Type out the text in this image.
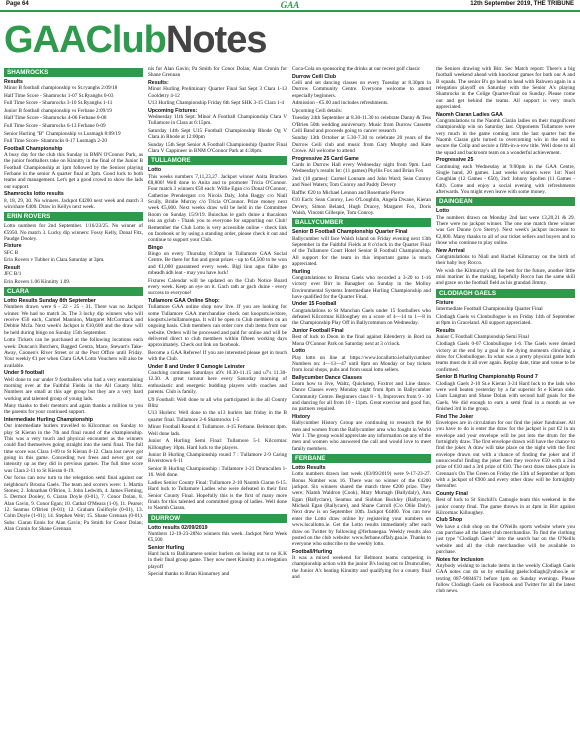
Page 64	GAA	12th September 2019, THE TRIBUNE
GAAClubNotes
SHAMROCKS
Results

Minor B football championship vs St.ryanghs 2:09/18

Half Time Score - Shamrocks 1-07 St.Ryanghs 0-03

Full Time Score - Shamrocks 3-10 St.Ryanghs 1-11

Junior B football championship vs Ferbane 2:09/19

Half Time Score - Shamrocks 4-06 Ferbane 0-08

Full Time Score - Shamrocks 6-13 Ferbane 0-09

Senior Hurling "B" Championship vs Lusmagh 8:09/19

Full Time Score- Shamrocks 0-17 Lusmagh 2-20

Football Championship

A busy day for the club this Sunday in BMN O'Connor Park, as the junior footballers take on Kinnitty in the final of the Junior B Football Championship at 1pm followed by the Seniors playing Ferbane in the senior A quarter final at 3pm. Good luck to both teams and management. Let's get a good crowd to show the lads our support.

Shamrocks lotto results

8, 18, 29, 30. No winners. Jackpot €4200 next week and match 3 win/share €400. Draw in Kellys next week.

ERIN ROVERS

Lotto numbers for 2nd September. 1/16/23/25. No winner of €5950. No match 3. Lucky dip winners: Fossy Kelly, Donal Fitz, Paudge Dooley.

Fixture

SFC B

Erin Rovers v Tubber in Clara Saturday at 3pm.

Result

JFC B/1

Erin Rovers 1.06 Kinnitty 1.09.

CLARA
Lotto Results Sunday 8th September

Numbers drawn were 6 - 22 - 25 - 31. There was no Jackpot winner. We had no match 3s. The 3 lucky dip winners who will receive €50 each, Carmel Mannion, Margaret McCormack and Debbie McIa. Next week's Jackpot is €10,600 and the draw will be held during bingo on Sunday 15th September.

Lotto Tickets can be purchased at the following locations each week: Duncan's Butchers, Bagged Centra, Mace, Stewart's Take-Away, Coonen's River Street or at the Post Office until Friday. Your weekly €1 per when Clara GAA Lotto Vouchers will also be available.

Under 9 football

Well done to our under 9 footballers who had a very entertaining morning over at the Faithful Fields in the All County blitz. Numbers are small at this age group but they are a very hard working and talented group of young lads.

Many thanks to their mentors and again thanks a million to you the parents for your continued support.

Intermediate Hurling Championship

Our intermediate hurlers travelled to Kilcormac on Sunday to play St Kieran in the 7th and final round of the championship. This was a very touch and physical encounter as the winners could find themselves going straight into the semi final. The full time score was Clara 1-09 to St Kieran 0-12. Clara lost never got going in this game. Conceding two frees and never got our intensity up as they did in previous games. The full time score was Clara 2-11 to St Kieran 0-19.

Our focus can now turn to the relegation semi final against our neighbour's Brosna Gaels. The team and scorers were: 1. Martin Stones; 2. Johnathan O'Brien, 3. John Ledwith, 4. James Fleming, 5. Dermot Dooley, 6. Ciaran Doyle (0-01), 7. Conor Dolan, 8. Alan Gavin, 9. Conor Egan; 10. Cathal O'Meara (1-0), 11. Pearse; 12. Seamus O'Brien (0-01); 12. Graham Guilfoyle (0-01), 13. Colm Doyle (1-01); 14. Stephen Weir; 15. Shane Grennan (0-01). Subs: Ciaran Ennis for Alan Gavin; Pa Smith for Conor Dolan; Alan Cronin for Shane Grennan

nis for Alan Gavin; Pa Smith for Conor Dolan; Alan Cronin for Shane Grennan

Results:

Minor Hurling Preliminary Quarter Final Sat Sept 3 Clara 1-13 Cooldetry 4-12

U13 Hurling Championship Friday 6th Sept SHK 3-15 Clara 1-4

Upcoming Fixtures:

Wednesday 11th Sept: Minor A Football Championship Clara V Tullamore in Clara at 6:15pm.

Saturday 14th Sept U15 Football Championship Rhode Og V Clara in Rhode at 12:00pm

Sunday 15th Sept Senior A Football Championship Quarter Final Clara V Cappineer in BNM O'Connor Park at 4:30pm.

TULLAMORE
Lotto

This weeks numbers 7,11,23,27. Jackpot winner Anita Bracken €8,800! Well done to Anita and to promoter Tricia O'Connor. Four match 3 winners €50 each: Willie Egan c/o Donal O'Connor, Catherine Prendergast c/o Nicola Daly, John Baggy c/o Niall Scully, Bridie Murray c/o Tricia O'Connor. Prize money next week €5,000. Next weeks draw will be held in the Committee Room on Sunday 15/9/19. Buiochas le gach duine a thacaíonn leis an gclub - Thank you to everyone for supporting our Club! Remember the Club Lotto is very accessible online - check link on facebook or by using a standing order, please check it out and continue to support your Club.

Bingo

Bingo on every Thursday 8:30pm in Tullamore GAA Social Centre. Be there for fun and great prizes - up to €4,500 to be won and €1,000 guaranteed every week. Bígí linn agus fáilte go mbeadh ádh leat - may you have luck!

Fixtures Calendar will be updated on the Club Notice Board every week. Keep an eye on it. Gach rath ar gach duine - every success to everyone!

Tullamore GAA Online Shop:

Tullamore GAA online shop now live. If you are looking for some Tullamore GAA merchandise check out koopsrts.ie/store, koopsrts.ie/tullamoregaa. It will be open to Club members on an ongoing basis. Club members can order core club items from our website. Orders will be processed and paid for online and will be delivered direct to club members within fifteen working days approximately. Check out link on facebook.

Become a GAA Referee! If you are interested please get in touch with the Club.

Under 8 and Under 9 Camogie Leinster

Coaching continues Saturdays u9's 10.30-11.15 and u7's 11.30-12.30. A great turnout here every Saturday morning of enthusiastic and energetic budding players with coaches and parents. Club is family.

U9 Football: Well done to all who participated in the all County Blitz

U13 Hurlers: Well done to the u13 hurlers last friday in the B quarter final. Tullamore 2-6 Shamrocks 1-5

Minor Football Round 4: Tullamore. 4-15 Ferbane. Belmont 4pm. Well done lads.

Junior A Hurling Semi Final: Tullamore 5-1 Kilcormac Killoughey 10pts. Hard luck to the players.

Junior B Hurling Championship round 7 : Tullamore 2-9 Caring Riverstown 6-11

Senior B Hurling Championship : Tullamore 1-21 Drumcullen 1-16. Well done.

Ladies Senior County Final: Tullamore 2-10 Naomh Ciaran 6-15. Hard luck to Tullamore Ladies who were defeated in their first Senior County Final. Hopefully this is the first of many more finals for this talented and committed group of ladies. Well done to Naomh Ciaran.

DURROW
Lotto results 02/09/2019

Numbers 12-19-23-28No winners this week. Jackpot Next Week €5,500

Senior Hurling

Hard luck to Ballinamere senior hurlers on losing out to no K.K in their final group game. They now meet Kinnitty in a relegation playoff

Special thanks to Brian Kinnarney and

Coca-Cola on sponsoring the drinks at our recent golf classic

Durrow Ceili Club

Ceili and set dancing classes on every Tuesday at 8.30pm in Durrow Community Centre. Everyone welcome to attend especially beginners.

Admission - €5.00 and includes refreshments.

Upcoming Ceili details:

Tuesday 24th September at 8.30-11.30 to celebrate Danny & Tess O'Brien 50th wedding anniversary. Music from Durrow Cassette Ceili Band and proceeds going to cancer research

Sunday 13th October at 5.30-7.30 to celebrate 20 years of the Durrow Ceili club and music from Gary Murphy and Kate Crowe. All welcome to attend

Progressive 25 Card Game

Cards in Durrow Hall every Wednesday night from 9pm. Last Wednesday's results Ist: (11 games) Phyllis Fox and Brian Fox

2nd: (10 games): Carmel Lonnam and John Ward; Sean Conroy and Noel Waters; Tom Conroy and Paddy Devery

Raffle: €20 to Michael Lennon and Rosemarie Pierce

€10 Each: Sean Conroy, Leo O'Loughlin, Angela Dwane, Kieran Devery, Simon Beland, Hugh Dracey, Margaret Fox, Doris Walsh, Vincent Gillespie, Tom Conroy.

BALLYCUMBER
Senior B Football Championship Quarter Final

Ballycumber will face Walsh Island on Friday evening next 13th September in the Faithful Fields at 8 o'clock in the Quarter Final of the Tullamore Court Hotel Senior B Football Championship. All support for the team in this important game is much appreciated.

Hurling

Congratulations to Brosna Gaels who recorded a 3-20 to 1-16 victory over Birr in Banagher on Sunday in the Molloy Environmental Systems Intermediate Hurling Championship and have qualified for the Quarter Final.

Under 15 Football

Congratulations to St Manchan Gaels under 15 footballers who defeated Kilcormac Killoughey on a score of 4—14 to 1—8 in the Championship Play Off in Ballycommon on Wednesday.

Junior Football Final

Best of luck to Doon in the final against Edenderry in Bord na Mona O'Connor Park on Saturday next at 3 o'clock.

Lotto

Play lotto on line at https://www.locallotto.ie/ballycumber/ Numbers on: 4—13—47 until 8pm on Monday or buy tickets from local shops, pubs and from usual lotto sellers.

Ballycumber Dance Classes

Learn how to Jive, Waltz, Quickstep, Foxtrot and Line dance. Dance Classes every Monday night from 8pm in Ballycumber Community Centre. Beginners class 8 - 9, Improvers from 9 - 10 and dancing for all from 10 - 11pm. Great exercise and good fun, no partners required.

History

Ballycumber History Group are continuing to research the 80 men and women from the Ballycumber area who fought in World War 1. The group would appreciate any information on any of the men and women who answered the call and would love to meet family members.

FERBANE
Lotto Results

Lotto numbers drawn last week (03/09/2019) were 9-17-23-27. Bonus Number was 16. There was no winner of the €4200 jackpot. Six winners shared the match three €200 prize. They were; Niamh Waldron (Cook), Mary Murtagh (Ballydaly), Ann Egan (Ballyclare), Seamus and Siobhan Buckley (Ballycare), Micheál Egan (Ballycare), and Shane Carroll (C/o Ollie Daly). Next draw is on September 10th. Jackpot €4400. You can now enter the Lotto draw online by registering your numbers on www.locallotto.ie. Get the Lotto results immediately after each draw on Twitter by following @ferbanegaa. Weekly results also posted on the club website: www.ferbane.offaly.gaa.ie. Thanks to everyone who subscribe to the weekly lotto.

Football/Hurling

It was a mixed weekend for Belmont teams competing in championship action with the junior B's losing out to Drumcullen, the Junior A's beating Kinnitty and qualifying for a county final and

the Seniors drawing with Birr. Sec Match report: There's a big football weekend ahead with knockout games for both our A and B squads. The senior B's go head to head with Rahwen again in a relegation playoff on Saturday with the Senior A's playing Shamrocks in the Colige Quarter-final on Sunday. Please come out and get behind the teams. All support is very much appreciated.

Naomh Ciaran Ladies GAA

Congratulations to the Naomh Ciarán ladies on their magnificent championship win on Saturday last. Opponents Tullamore were very much in the game coming into the last quarter but the Naomh Ciaran girls turned to overcoming win in the end to secure the Colip and secure a fifth-in-a-row title. Well done to all the squad and backroom team on a wonderful achievement.

Progressive 25

Continuing each Wednesday at 9:00pm in the GAA Centre, Single hand, 20 games. Last weeks winners were: 1st: Noel Coughlan (12 Games - €50), 2nd: Johnny Spollen (11 Games - €40). Come and enjoy a social evening with refreshments afterwards. You might even leave with some money.

DAINGEAN
Lotto

The numbers drawn on Monday 2nd last were 13,20,21 & 29. There were no jackpot winner. The one one match three winner was Ger Dunne (c/o Sterry). Next week's jackpot increases to €2,800. Many thanks to all of our ticket sellers and buyers and to those who continue to play online.

New Arrival

Congratulations to Niall and Rachel Kilmurray on the birth of their baby boy Rocco.

We wish the Kilmurray's all the best for the future, another little mini mariner in the making, hopefully Rocco has the same skill and grace on the football field as his grandad Jimmy.

CLODIAGH GAELS
Fixture

Intermediate Football Championship Quarter Final

Clodiagh Gaels vs Clonbullogue is on Friday 14th of September at 8pm in Graceland. All support appreciated.

Results

Junior C Football Championship Semi Final

Clodiagh Gaels 0-07 Clonbullogue 1-6. The Gaels were denied victory at the end by a goal in the dying moments clinching a draw for Clonbullogue. In what was a pretty physical game both teams must do it all over again. Replay date, time and venue to be confirmed.

Senior B Hurling Championship Round 7

Clodiagh Gaels 2-10 St.e Kieran 3-24 Hard luck to the lads who were well beaten yesterday by a far superior St e Kieran side. Liam Langtun and Shane Dolan with second half goals for the Gaels. We did enough to earn a semi final in a month as we finished 3rd in the group.

Find The Joker

Envelopes are in circulation for our find the joker fundraiser. All you have to do is enter the draw for the jackpot is put €2 in an envelope and your envelope will be put into the drum for the fortnightly draw. The first envelope drawn will have the chance to find the joker. A draw will take place on the night with the first envelope drawn out with a chance of finding the joker and if unsuccessful finding the joker then they receive €50 with a 2nd prize of €10 and a 3rd prize of €10. The next draw takes place in Grennan's On The Green on Friday the 13th of September at 9pm with a jackpot of €900 and every other draw will be fortnightly thereafter.

County Final

Best of luck to St Sinchill's Camogie team this weekend in the junior county final. The game throws in at 4pm in Birr against Kilcormac Killoughey.

Club Shop

We have a club shop on the O'Neills sports website where you can purchase all the latest club merchandise. To find the clothing just type "Clodiagh Gaels" into the search bar on the O'Neills website and all the club merchandise will be available to purchase.

Notes for Inclusion

Anybody wishing to include items in the weekly Clodiagh Gaels GAA notes can do so by emailing gaelsclodiagh@yahoo.ie or texting 087-9684671 before 1pm on Sunday evenings. Please follow Clodiagh Gaels on Facebook and Twitter for all the latest club news.
